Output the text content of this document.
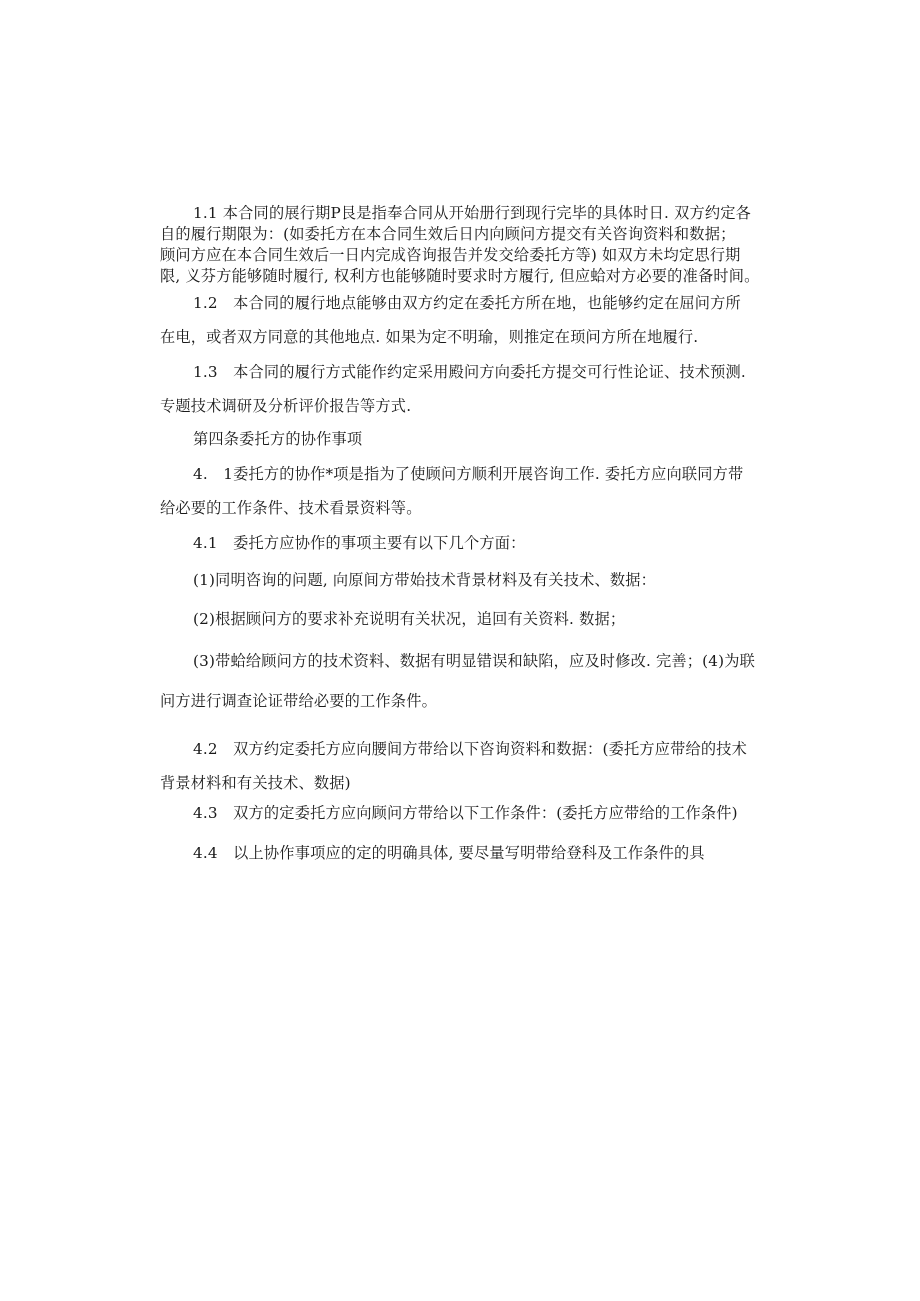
1.1 本合同的展行期P艮是指奉合同从开始册行到现行完毕的具体时日. 双方约定各
自的履行期限为：(如委托方在本合同生效后日内向顾问方提交有关咨询资料和数据；
顾问方应在本合同生效后一日内完成咨询报告并发交给委托方等) 如双方未均定思行期
限, 义芬方能够随时履行, 权利方也能够随时要求时方履行, 但应蛤对方必要的准备时间。

1.2　本合同的履行地点能够由双方约定在委托方所在地，也能够约定在屈问方所
在电，或者双方同意的其他地点. 如果为定不明瑜，则推定在顼问方所在地履行.

1.3　本合同的履行方式能作约定采用殿问方向委托方提交可行性论证、技术预测.
专题技术调研及分析评价报告等方式.

第四条委托方的协作事项

4.　1委托方的协作*项是指为了使顾问方顺利开展咨询工作. 委托方应向联同方带
给必要的工作条件、技术看景资料等。

4.1　委托方应协作的事项主要有以下几个方面：

(1)同明咨询的问题, 向原间方带始技术背景材料及有关技术、数据：

(2)根据顾问方的要求补充说明有关状况，追回有关资料. 数据；

(3)带蛤给顾问方的技术资料、数据有明显错误和缺陷，应及时修改. 完善；(4)为联
问方进行调查论证带给必要的工作条件。

4.2　双方约定委托方应向腰间方带给以下咨询资料和数据：(委托方应带给的技术
背景材料和有关技术、数据)

4.3　双方的定委托方应向顾问方带给以下工作条件：(委托方应带给的工作条件)

4.4　以上协作事项应的定的明确具体, 要尽量写明带给登科及工作条件的具
